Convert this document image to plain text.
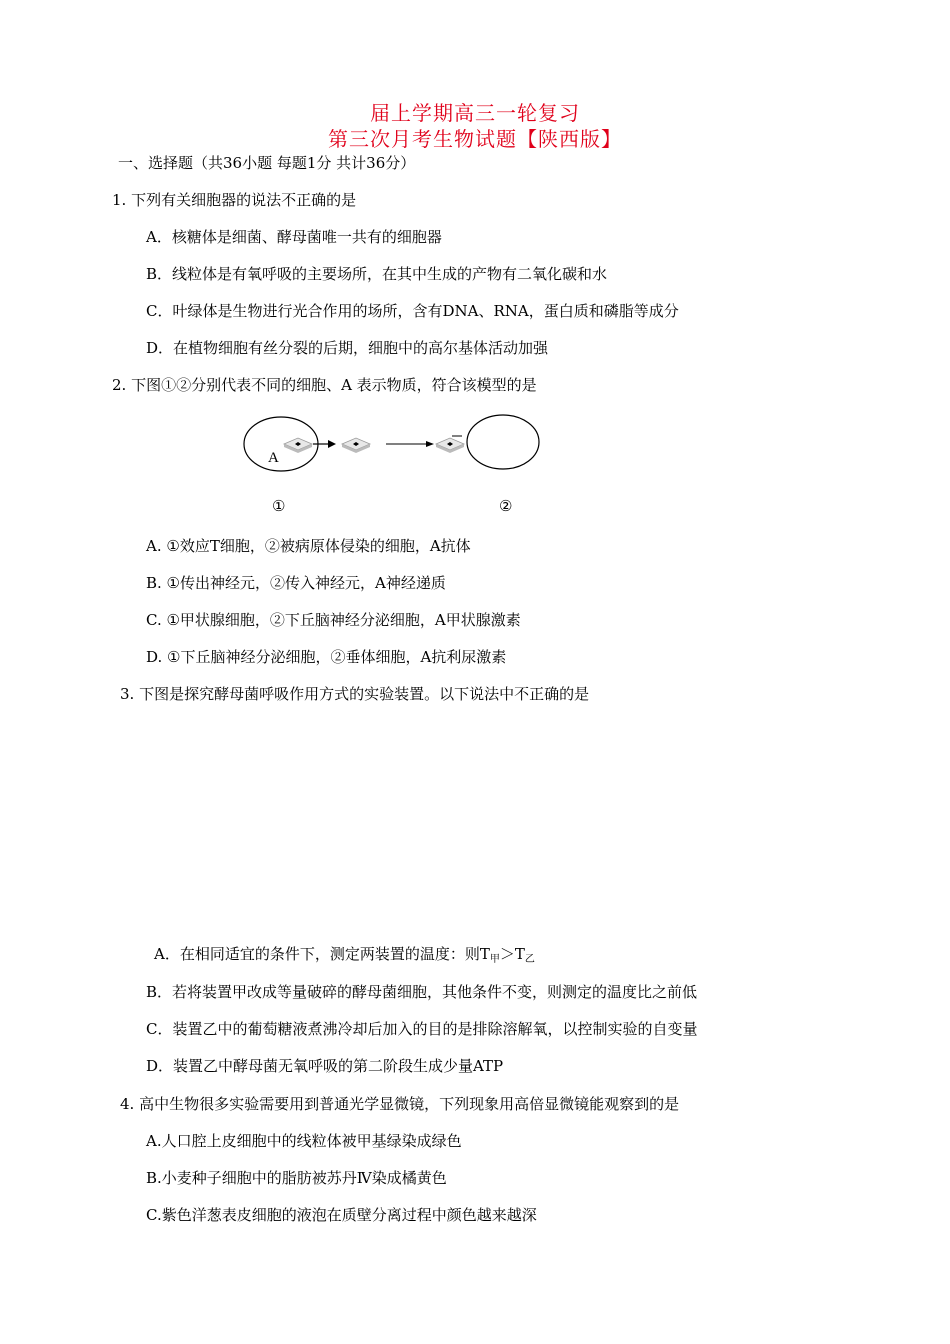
届上学期高三一轮复习
第三次月考生物试题【陕西版】
一、选择题（共36小题 每题1分 共计36分）
1. 下列有关细胞器的说法不正确的是
A．核糖体是细菌、酵母菌唯一共有的细胞器
B．线粒体是有氧呼吸的主要场所，在其中生成的产物有二氧化碳和水
C．叶绿体是生物进行光合作用的场所，含有DNA、RNA，蛋白质和磷脂等成分
D．在植物细胞有丝分裂的后期，细胞中的高尔基体活动加强
2. 下图①②分别代表不同的细胞、A 表示物质，符合该模型的是
A
①	②
A. ①效应T细胞，②被病原体侵染的细胞，A抗体
B. ①传出神经元，②传入神经元，A神经递质
C. ①甲状腺细胞，②下丘脑神经分泌细胞，A甲状腺激素
D. ①下丘脑神经分泌细胞，②垂体细胞，A抗利尿激素
3. 下图是探究酵母菌呼吸作用方式的实验装置。以下说法中不正确的是
A．在相同适宜的条件下，测定两装置的温度：则$T_甲>T_乙$
B．若将装置甲改成等量破碎的酵母菌细胞，其他条件不变，则测定的温度比之前低
C．装置乙中的葡萄糖液煮沸冷却后加入的目的是排除溶解氧，以控制实验的自变量
D．装置乙中酵母菌无氧呼吸的第二阶段生成少量ATP
4. 高中生物很多实验需要用到普通光学显微镜，下列现象用高倍显微镜能观察到的是
A.人口腔上皮细胞中的线粒体被甲基绿染成绿色
B.小麦种子细胞中的脂肪被苏丹Ⅳ染成橘黄色
C.紫色洋葱表皮细胞的液泡在质壁分离过程中颜色越来越深
